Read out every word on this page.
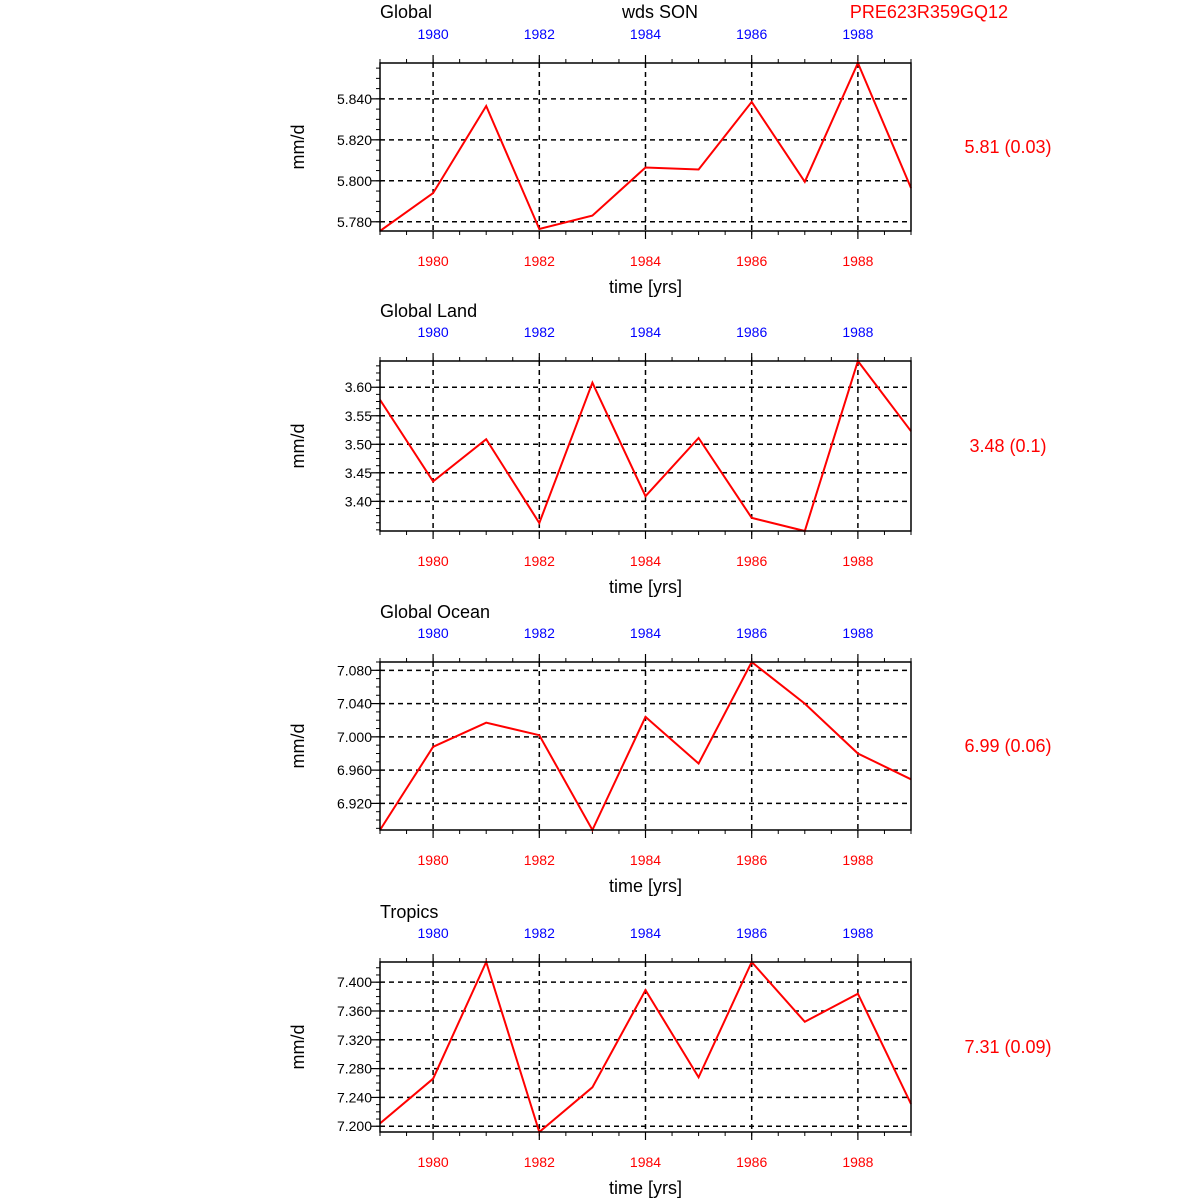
Global	wds SON	PRE623R359GQ12
1980
1980
1982
1982
1984
1984
1986
1986
1988
1988
5.780
5.800
5.820
5.840
time [yrs]
mm/d	5.81 (0.03)
Global Land
1980
1980
1982
1982
1984
1984
1986
1986
1988
1988
3.40
3.45
3.50
3.55
3.60
time [yrs]
mm/d	3.48 (0.1)
Global Ocean
1980
1980
1982
1982
1984
1984
1986
1986
1988
1988
6.920
6.960
7.000
7.040
7.080
time [yrs]
mm/d	6.99 (0.06)
Tropics
1980
1980
1982
1982
1984
1984
1986
1986
1988
1988
7.200
7.240
7.280
7.320
7.360
7.400
time [yrs]
mm/d	7.31 (0.09)
